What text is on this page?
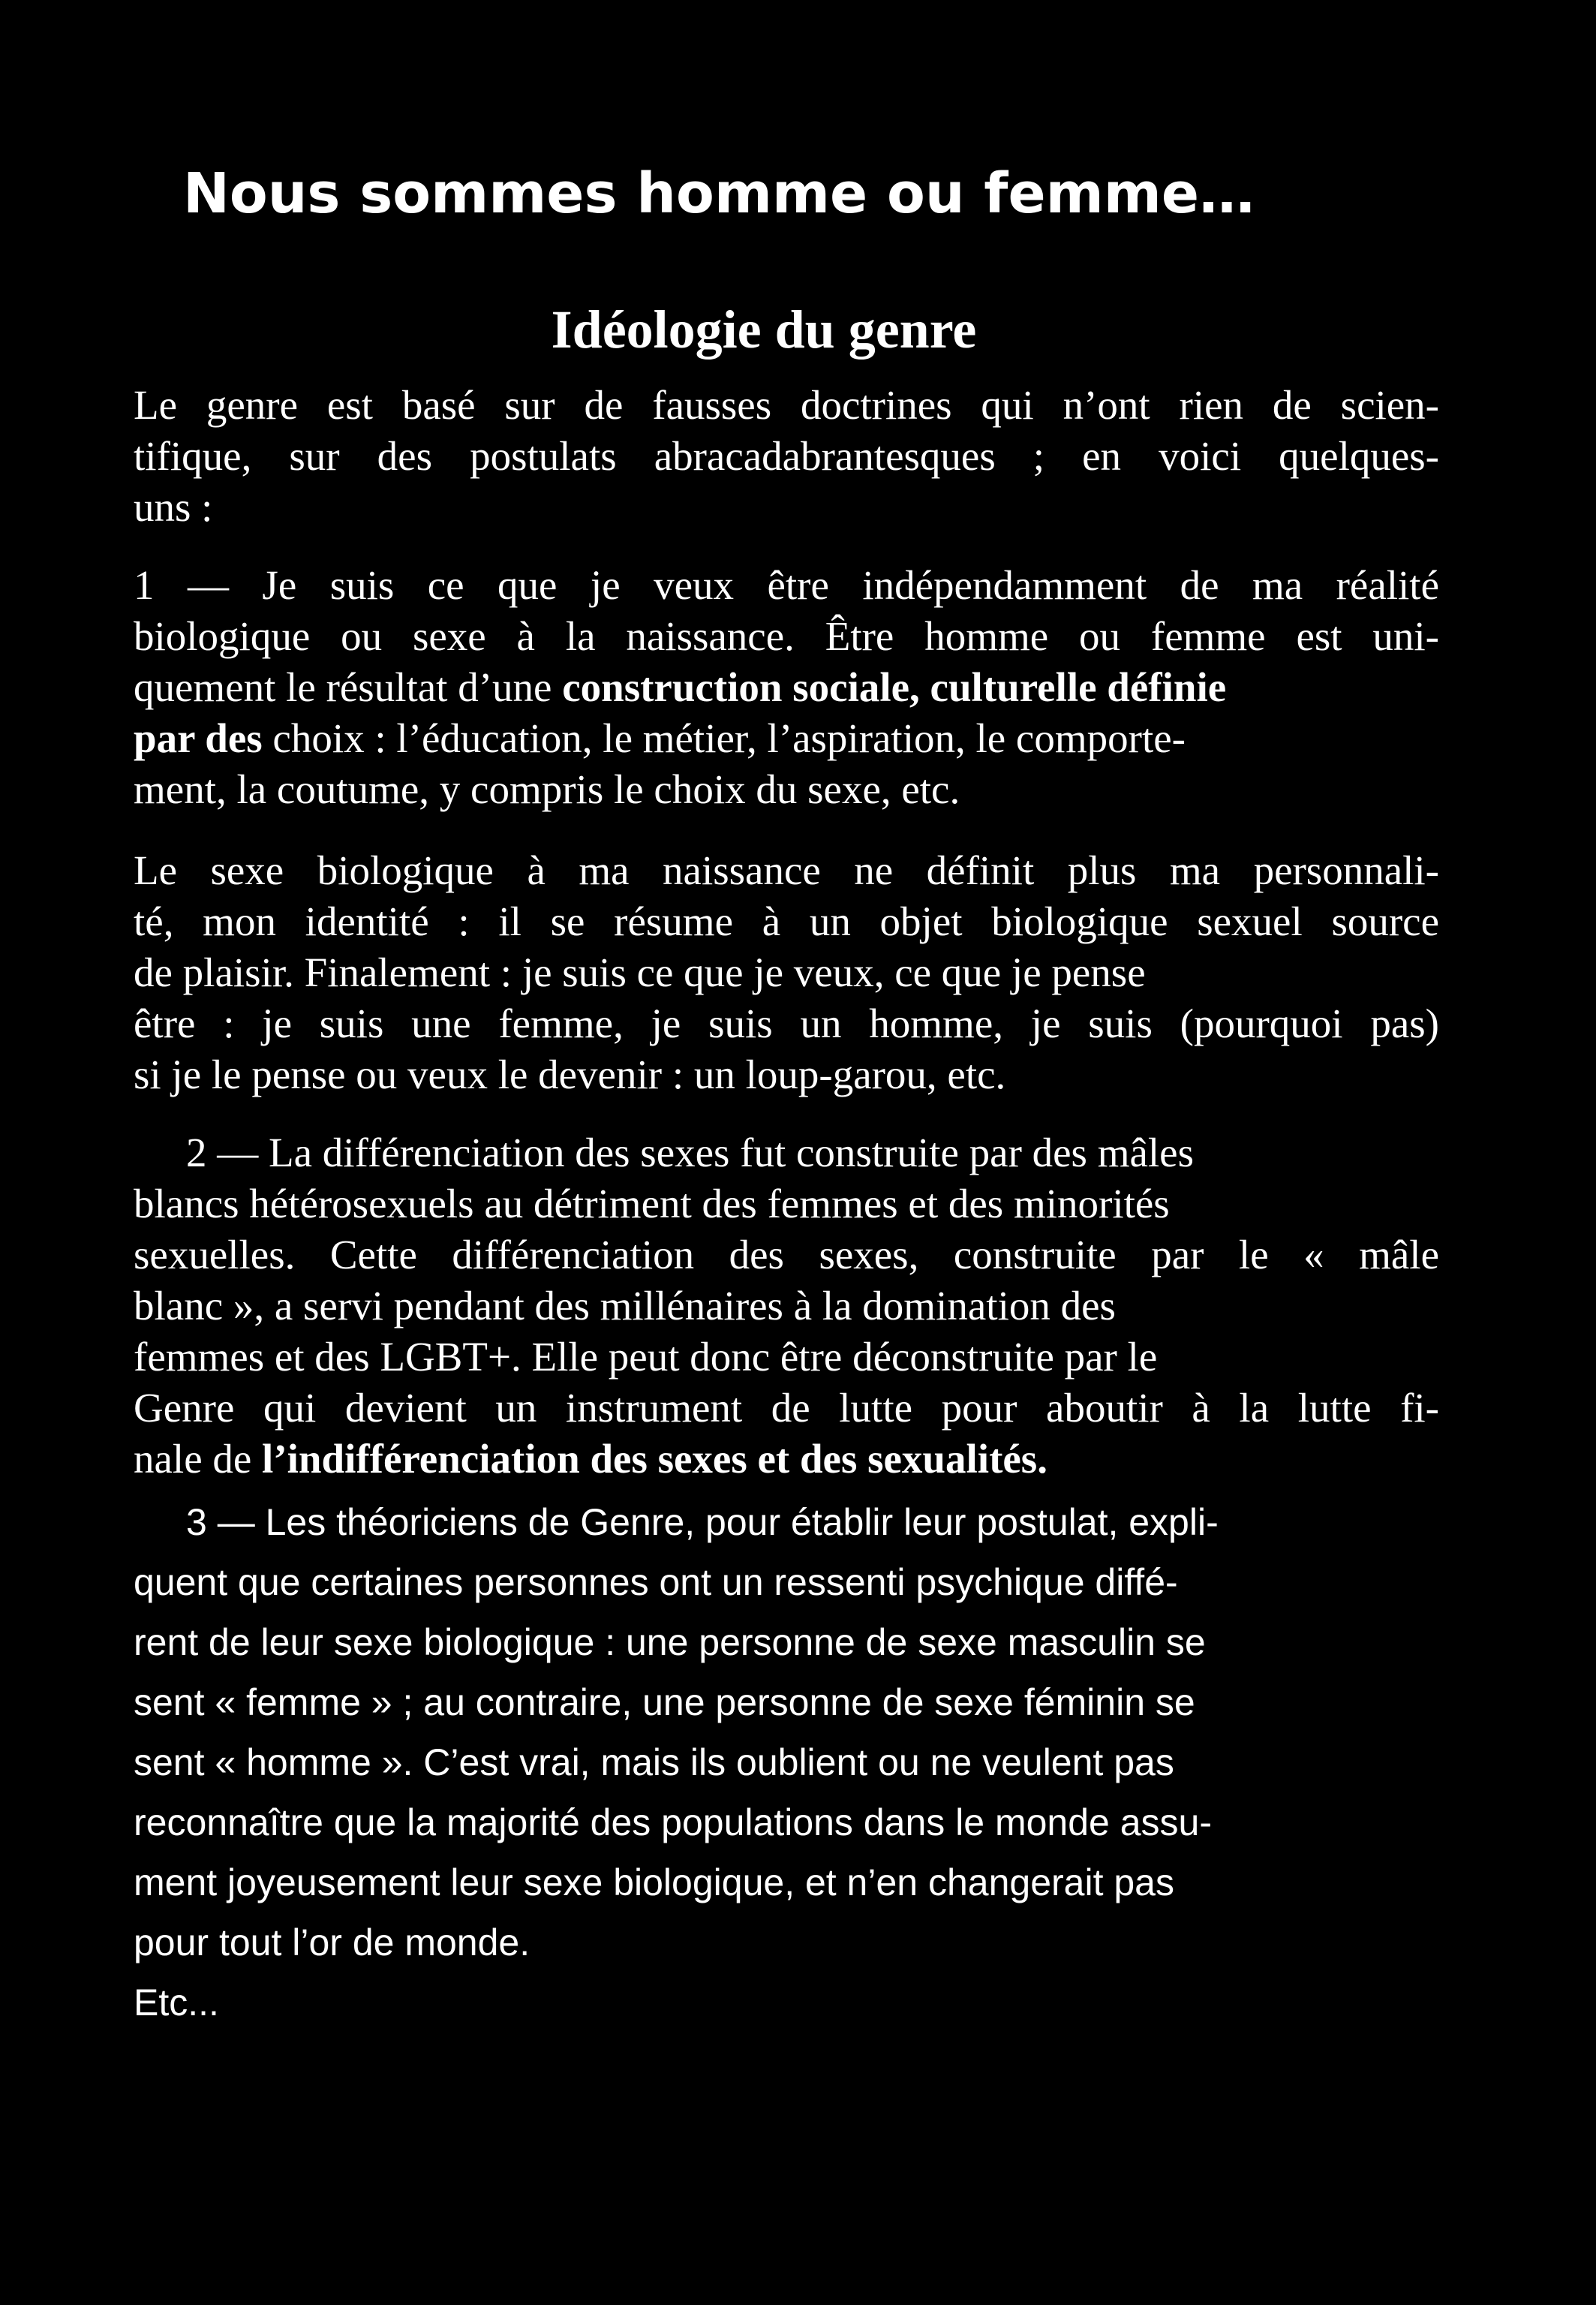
Nous sommes homme ou femme…
Idéologie du genre
Le genre est basé sur de fausses doctrines qui n’ont rien de scien-
tifique, sur des postulats abracadabrantesques ; en voici quelques-
uns :
1 — Je suis ce que je veux être indépendamment de ma réalité
biologique ou sexe à la naissance. Être homme ou femme est uni-
quement le résultat d’une construction sociale, culturelle définie
par des choix : l’éducation, le métier, l’aspiration, le comporte-
ment, la coutume, y compris le choix du sexe, etc.
Le sexe biologique à ma naissance ne définit plus ma personnali-
té, mon identité : il se résume à un objet biologique sexuel source
de plaisir. Finalement : je suis ce que je veux, ce que je pense
être : je suis une femme, je suis un homme, je suis (pourquoi pas)
si je le pense ou veux le devenir : un loup-garou, etc.
2 — La différenciation des sexes fut construite par des mâles
blancs hétérosexuels au détriment des femmes et des minorités
sexuelles. Cette différenciation des sexes, construite par le « mâle
blanc », a servi pendant des millénaires à la domination des
femmes et des LGBT+. Elle peut donc être déconstruite par le
Genre qui devient un instrument de lutte pour aboutir à la lutte fi-
nale de l’indifférenciation des sexes et des sexualités.
3 — Les théoriciens de Genre, pour établir leur postulat, expli-
quent que certaines personnes ont un ressenti psychique diffé-
rent de leur sexe biologique : une personne de sexe masculin se
sent « femme » ; au contraire, une personne de sexe féminin se
sent « homme ». C’est vrai, mais ils oublient ou ne veulent pas
reconnaître que la majorité des populations dans le monde assu-
ment joyeusement leur sexe biologique, et n’en changerait pas
pour tout l’or de monde.
Etc...
